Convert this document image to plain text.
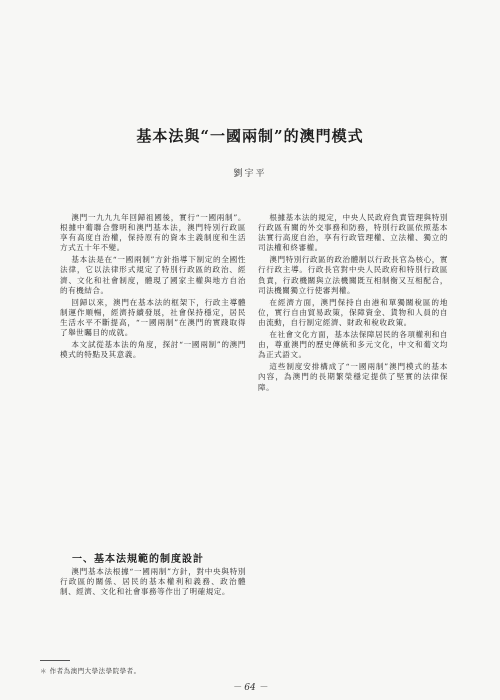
基本法與“一國兩制”的澳門模式
劉宇平

澳門一九九九年回歸祖國後，實行“一國兩制”。根據中葡聯合聲明和澳門基本法，澳門特別行政區享有高度自治權，保持原有的資本主義制度和生活方式五十年不變。

基本法是在“一國兩制”方針指導下制定的全國性法律，它以法律形式規定了特別行政區的政治、經濟、文化和社會制度，體現了國家主權與地方自治的有機結合。

回歸以來，澳門在基本法的框架下，行政主導體制運作順暢，經濟持續發展，社會保持穩定，居民生活水平不斷提高，“一國兩制”在澳門的實踐取得了舉世矚目的成就。

本文試從基本法的角度，探討“一國兩制”的澳門模式的特點及其意義。

一、基本法規範的制度設計

澳門基本法根據“一國兩制”方針，對中央與特別行政區的關係、居民的基本權利和義務、政治體制、經濟、文化和社會事務等作出了明確規定。

根據基本法的規定，中央人民政府負責管理與特別行政區有關的外交事務和防務，特別行政區依照基本法實行高度自治，享有行政管理權、立法權、獨立的司法權和終審權。

澳門特別行政區的政治體制以行政長官為核心，實行行政主導。行政長官對中央人民政府和特別行政區負責，行政機關與立法機關既互相制衡又互相配合，司法機關獨立行使審判權。

在經濟方面，澳門保持自由港和單獨關稅區的地位，實行自由貿易政策，保障資金、貨物和人員的自由流動，自行制定經濟、財政和稅收政策。

在社會文化方面，基本法保障居民的各項權利和自由，尊重澳門的歷史傳統和多元文化，中文和葡文均為正式語文。

這些制度安排構成了“一國兩制”澳門模式的基本內容，為澳門的長期繁榮穩定提供了堅實的法律保障。

＊ 作者為澳門大學法學院學者。
－ 64 －
